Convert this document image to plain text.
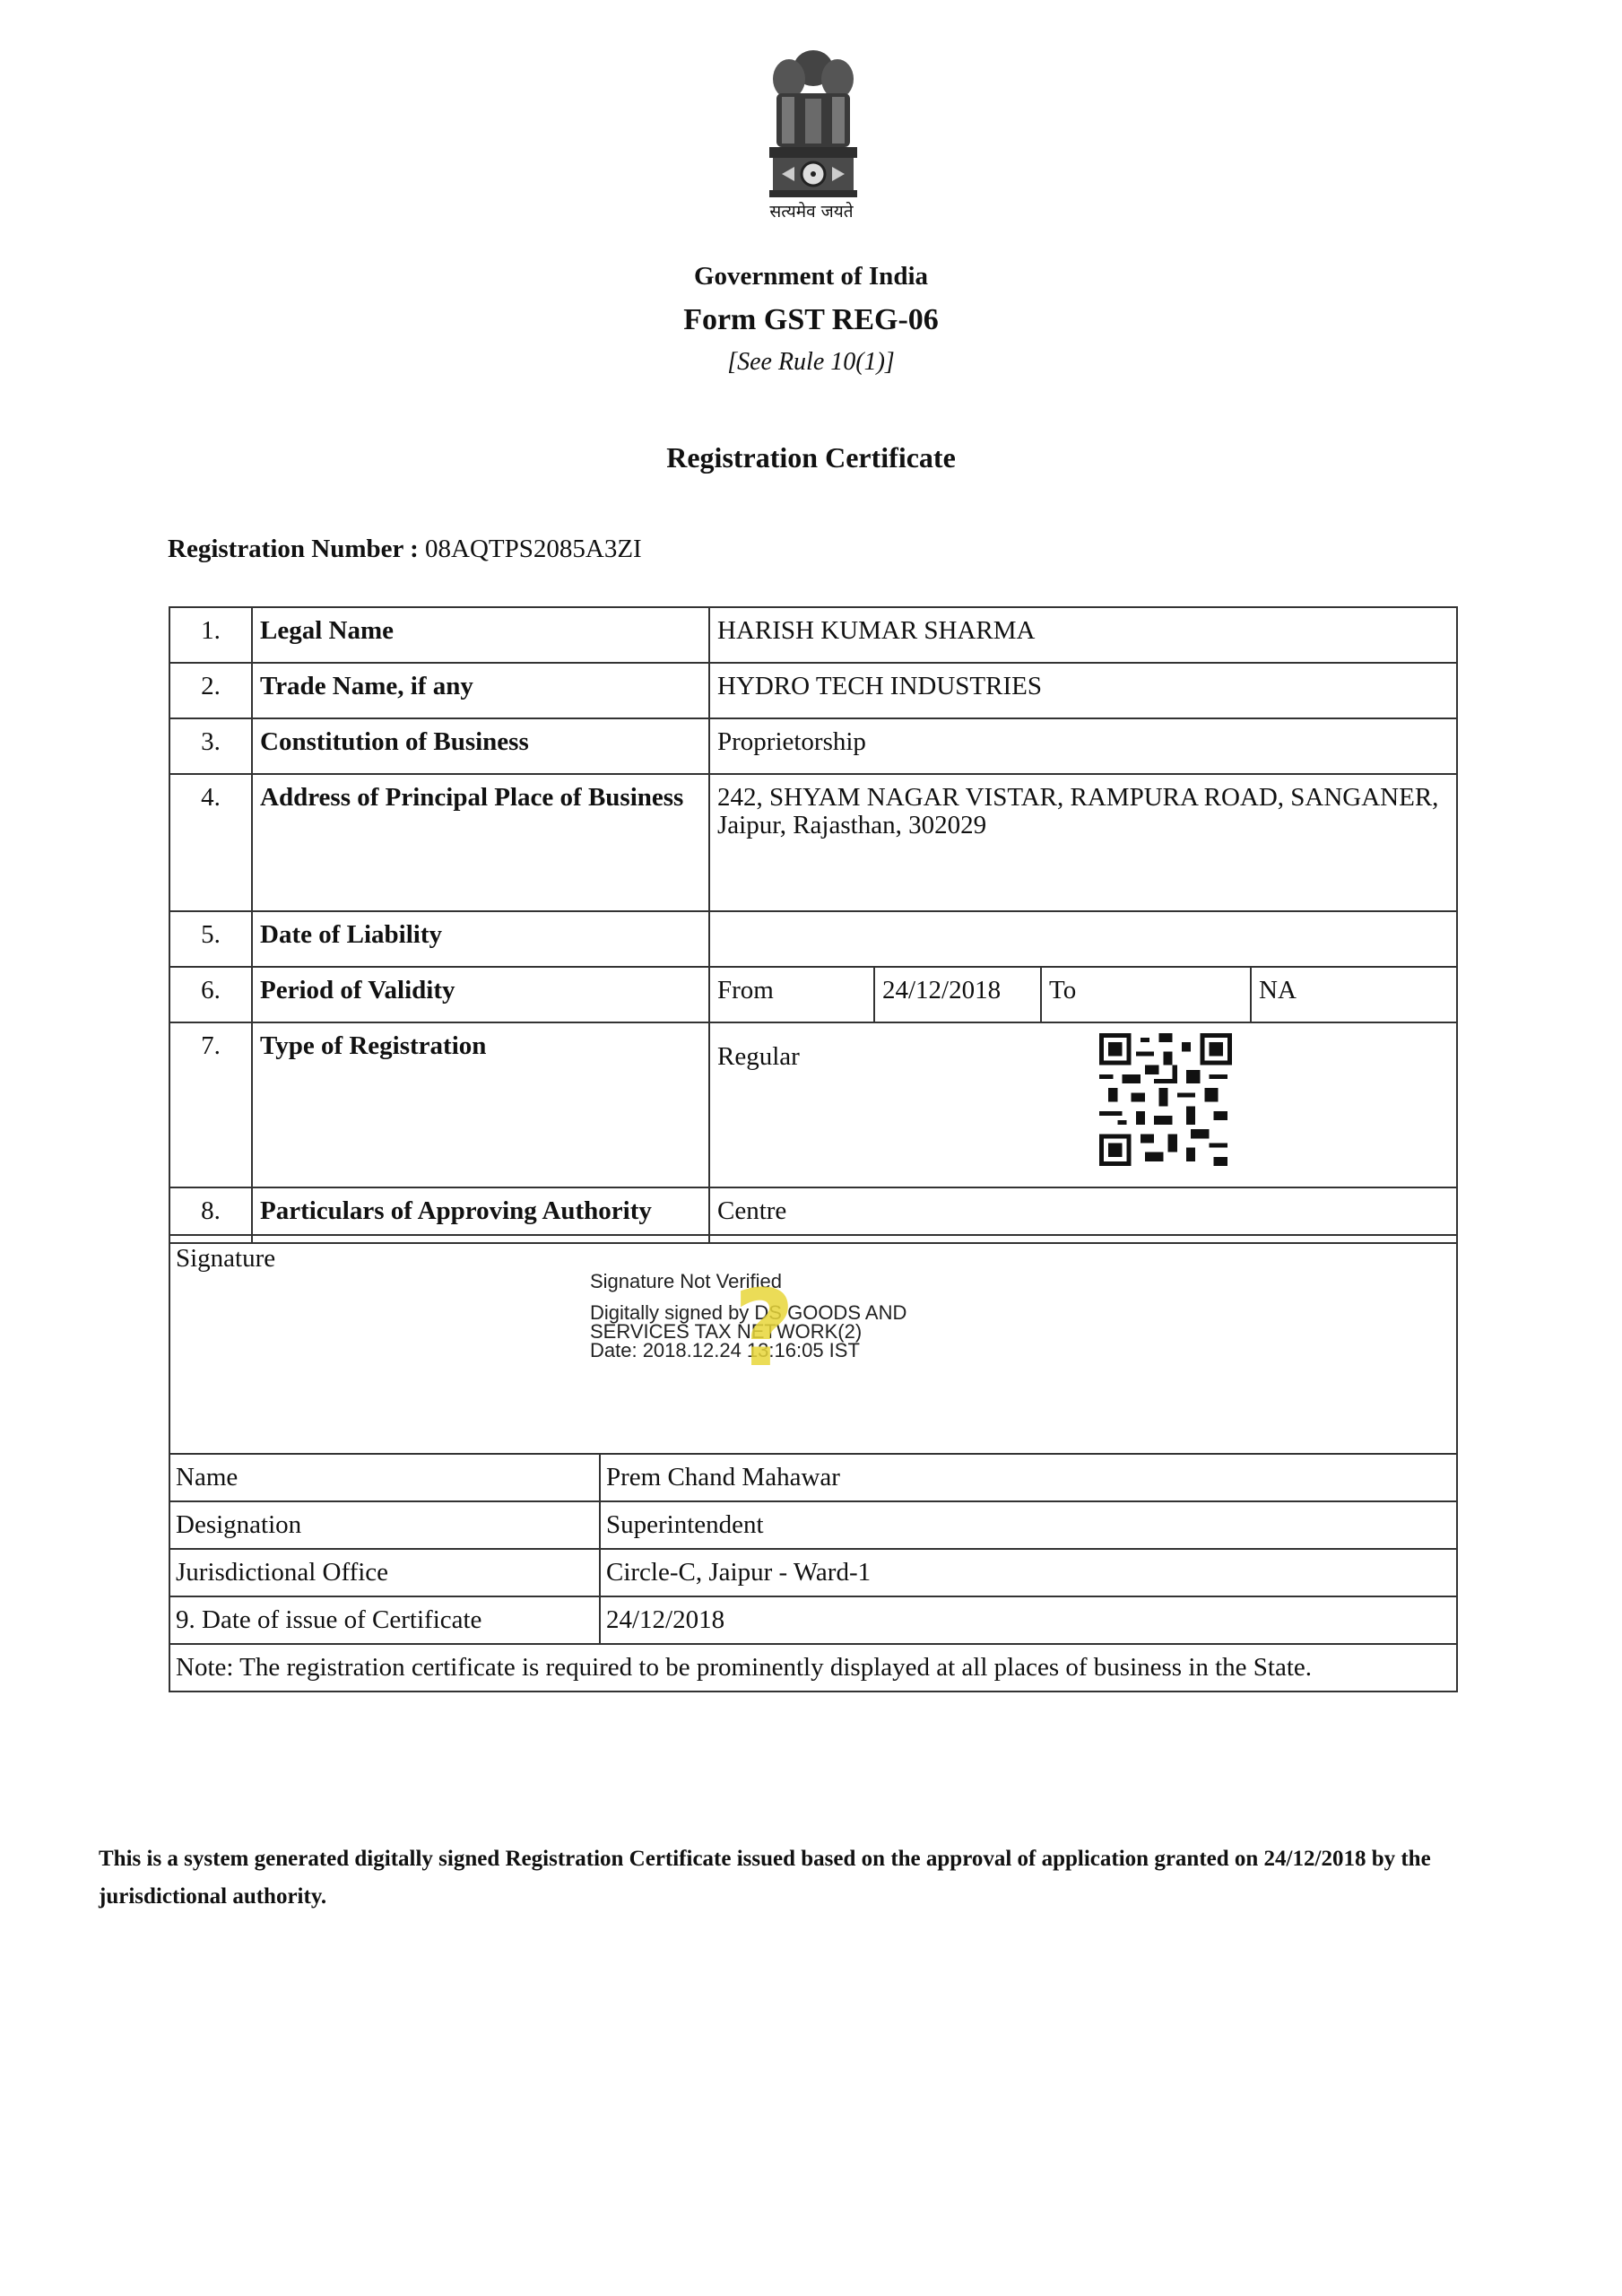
सत्यमेव जयते
Government of India
Form GST REG-06
[See Rule 10(1)]
Registration Certificate
Registration Number : 08AQTPS2085A3ZI
1.	Legal Name	HARISH KUMAR SHARMA			
2.	Trade Name, if any	HYDRO TECH INDUSTRIES			
3.	Constitution of Business	Proprietorship			
4.	Address of Principal Place of Business	242, SHYAM NAGAR VISTAR, RAMPURA ROAD, SANGANER, Jaipur, Rajasthan, 302029			
5.	Date of Liability				
6.	Period of Validity	From	24/12/2018	To	NA
7.	Type of Registration	Regular			
8.	Particulars of Approving Authority	Centre			
Signature
Signature Not Verified
Digitally signed by DS GOODS AND
SERVICES TAX NETWORK(2)
Date: 2018.12.24 13:16:05 IST	

Name	Prem Chand Mahawar
Designation	Superintendent
Jurisdictional Office	Circle-C, Jaipur - Ward-1
9. Date of issue of Certificate	24/12/2018
Note: The registration certificate is required to be prominently displayed at all places of business in the State.	
?
This is a system generated digitally signed Registration Certificate issued based on the approval of application granted on 24/12/2018 by the jurisdictional authority.
